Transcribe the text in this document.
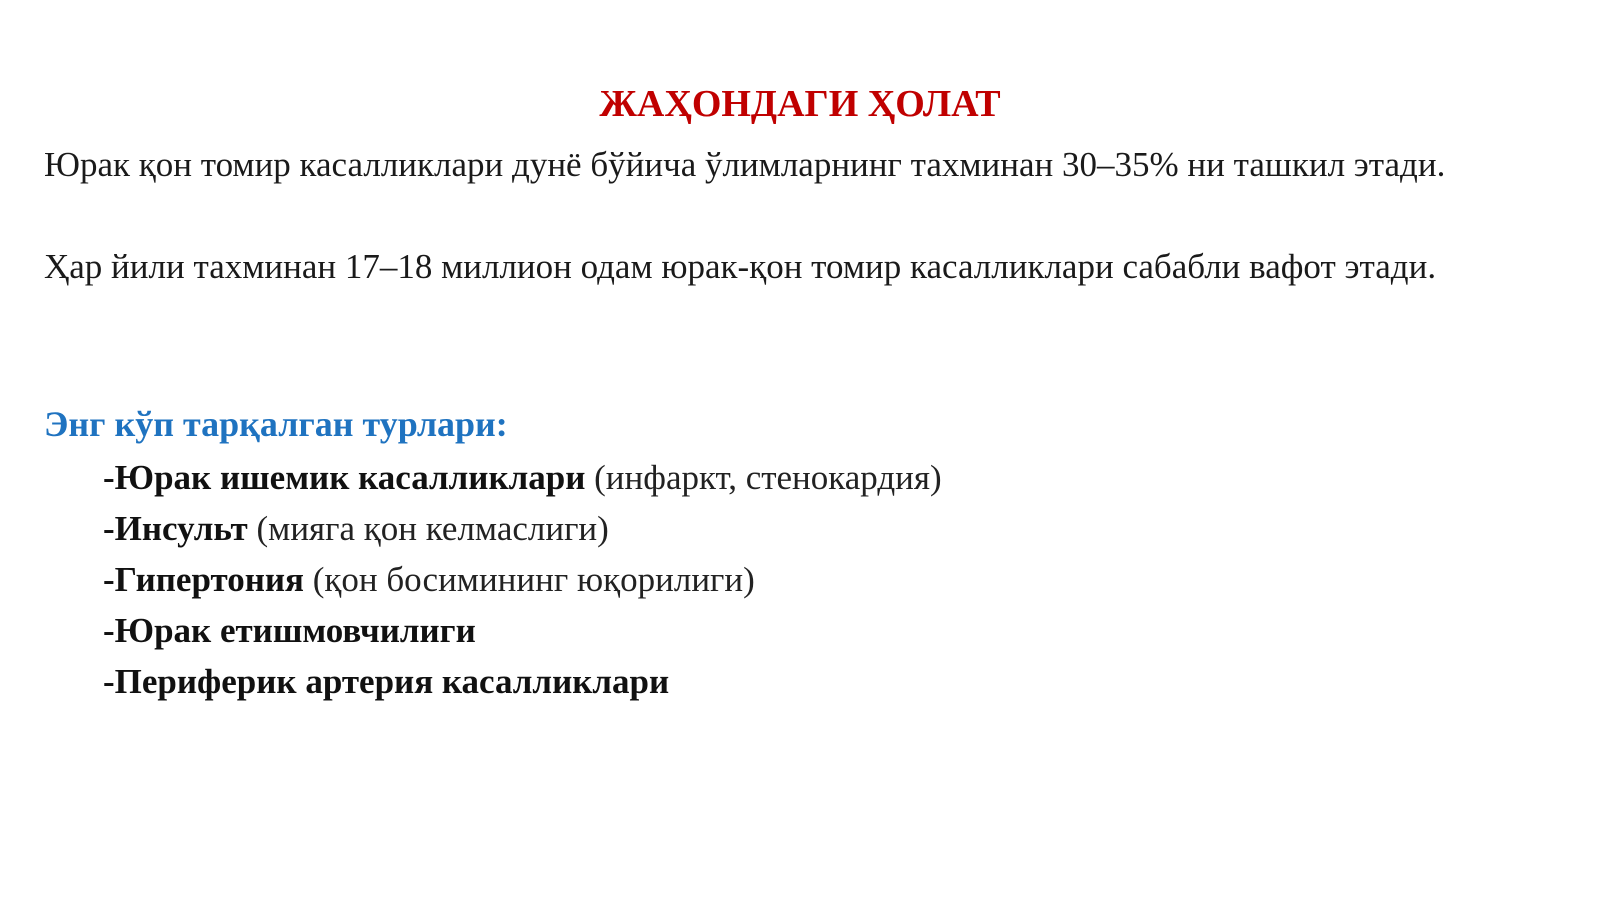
ЖАҲОНДАГИ ҲОЛАТ
Юрак қон томир касалликлари дунё бўйича ўлимларнинг тахминан 30–35% ни ташкил этади.
Ҳар йили тахминан 17–18 миллион одам юрак-қон томир касалликлари сабабли вафот этади.
Энг кўп тарқалган турлари:
-Юрак ишемик касалликлари (инфаркт, стенокардия)
-Инсульт (мияга қон келмаслиги)
-Гипертония (қон босимининг юқорилиги)
-Юрак етишмовчилиги
-Периферик артерия касалликлари
